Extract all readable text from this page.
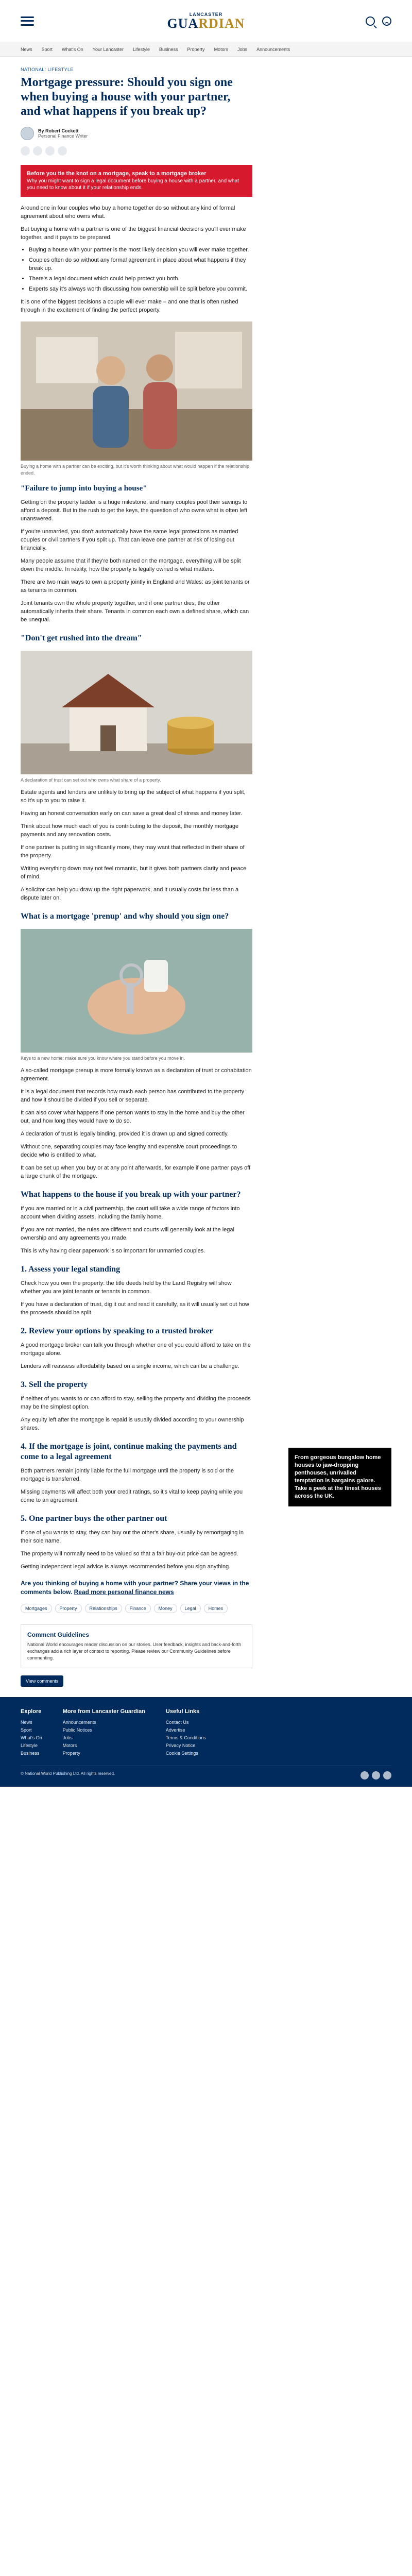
LANCASTER
GUARDIAN
News Sport What's On Your Lancaster Lifestyle Business Property Motors Jobs Announcements
NATIONAL: LIFESTYLE
Mortgage pressure: Should you sign one when buying a house with your partner, and what happens if you break up?
By Robert Cockett
Personal Finance Writer
Before you tie the knot on a mortgage, speak to a mortgage broker
Why you might want to sign a legal document before buying a house with a partner, and what you need to know about it if your relationship ends.

Around one in four couples who buy a home together do so without any kind of formal agreement about who owns what.

But buying a home with a partner is one of the biggest financial decisions you'll ever make together, and it pays to be prepared.

• Buying a house with your partner is the most likely decision you will ever make together.
• Couples often do so without any formal agreement in place about what happens if they break up.
• There's a legal document which could help protect you both.
• Experts say it's always worth discussing how ownership will be split before you commit.

It is one of the biggest decisions a couple will ever make – and one that is often rushed through in the excitement of finding the perfect property.

Buying a home with a partner can be exciting, but it's worth thinking about what would happen if the relationship ended.
"Failure to jump into buying a house"

Getting on the property ladder is a huge milestone, and many couples pool their savings to afford a deposit. But in the rush to get the keys, the question of who owns what is often left unanswered.

If you're unmarried, you don't automatically have the same legal protections as married couples or civil partners if you split up. That can leave one partner at risk of losing out financially.

Many people assume that if they're both named on the mortgage, everything will be split down the middle. In reality, how the property is legally owned is what matters.

There are two main ways to own a property jointly in England and Wales: as joint tenants or as tenants in common.

Joint tenants own the whole property together, and if one partner dies, the other automatically inherits their share. Tenants in common each own a defined share, which can be unequal.

"Don't get rushed into the dream"
A declaration of trust can set out who owns what share of a property.

Estate agents and lenders are unlikely to bring up the subject of what happens if you split, so it's up to you to raise it.

Having an honest conversation early on can save a great deal of stress and money later.

Think about how much each of you is contributing to the deposit, the monthly mortgage payments and any renovation costs.

If one partner is putting in significantly more, they may want that reflected in their share of the property.

Writing everything down may not feel romantic, but it gives both partners clarity and peace of mind.

A solicitor can help you draw up the right paperwork, and it usually costs far less than a dispute later on.

What is a mortgage 'prenup' and why should you sign one?
Keys to a new home: make sure you know where you stand before you move in.

A so-called mortgage prenup is more formally known as a declaration of trust or cohabitation agreement.

It is a legal document that records how much each person has contributed to the property and how it should be divided if you sell or separate.

It can also cover what happens if one person wants to stay in the home and buy the other out, and how long they would have to do so.

A declaration of trust is legally binding, provided it is drawn up and signed correctly.

Without one, separating couples may face lengthy and expensive court proceedings to decide who is entitled to what.

It can be set up when you buy or at any point afterwards, for example if one partner pays off a large chunk of the mortgage.

What happens to the house if you break up with your partner?

If you are married or in a civil partnership, the court will take a wide range of factors into account when dividing assets, including the family home.

If you are not married, the rules are different and courts will generally look at the legal ownership and any agreements you made.

This is why having clear paperwork is so important for unmarried couples.

1. Assess your legal standing

Check how you own the property: the title deeds held by the Land Registry will show whether you are joint tenants or tenants in common.

If you have a declaration of trust, dig it out and read it carefully, as it will usually set out how the proceeds should be split.

2. Review your options by speaking to a trusted broker

A good mortgage broker can talk you through whether one of you could afford to take on the mortgage alone.

Lenders will reassess affordability based on a single income, which can be a challenge.

3. Sell the property

If neither of you wants to or can afford to stay, selling the property and dividing the proceeds may be the simplest option.

Any equity left after the mortgage is repaid is usually divided according to your ownership shares.

4. If the mortgage is joint, continue making the payments and come to a legal agreement

Both partners remain jointly liable for the full mortgage until the property is sold or the mortgage is transferred.

Missing payments will affect both your credit ratings, so it's vital to keep paying while you come to an agreement.

5. One partner buys the other partner out

If one of you wants to stay, they can buy out the other's share, usually by remortgaging in their sole name.

The property will normally need to be valued so that a fair buy-out price can be agreed.

Getting independent legal advice is always recommended before you sign anything.

Are you thinking of buying a home with your partner? Share your views in the comments below. Read more personal finance news
Mortgages	Property	Relationships	Finance	Money	Legal	Homes
Comment Guidelines

National World encourages reader discussion on our stories. User feedback, insights and back-and-forth exchanges add a rich layer of context to reporting. Please review our Community Guidelines before commenting.

View comments
From gorgeous bungalow home houses to jaw-dropping penthouses, unrivalled temptation is bargains galore. Take a peek at the finest houses across the UK.
Explore
News
Sport
What's On
Lifestyle
Business
More from Lancaster Guardian
Announcements
Public Notices
Jobs
Motors
Property
Useful Links
Contact Us
Advertise
Terms & Conditions
Privacy Notice
Cookie Settings
© National World Publishing Ltd. All rights reserved.
